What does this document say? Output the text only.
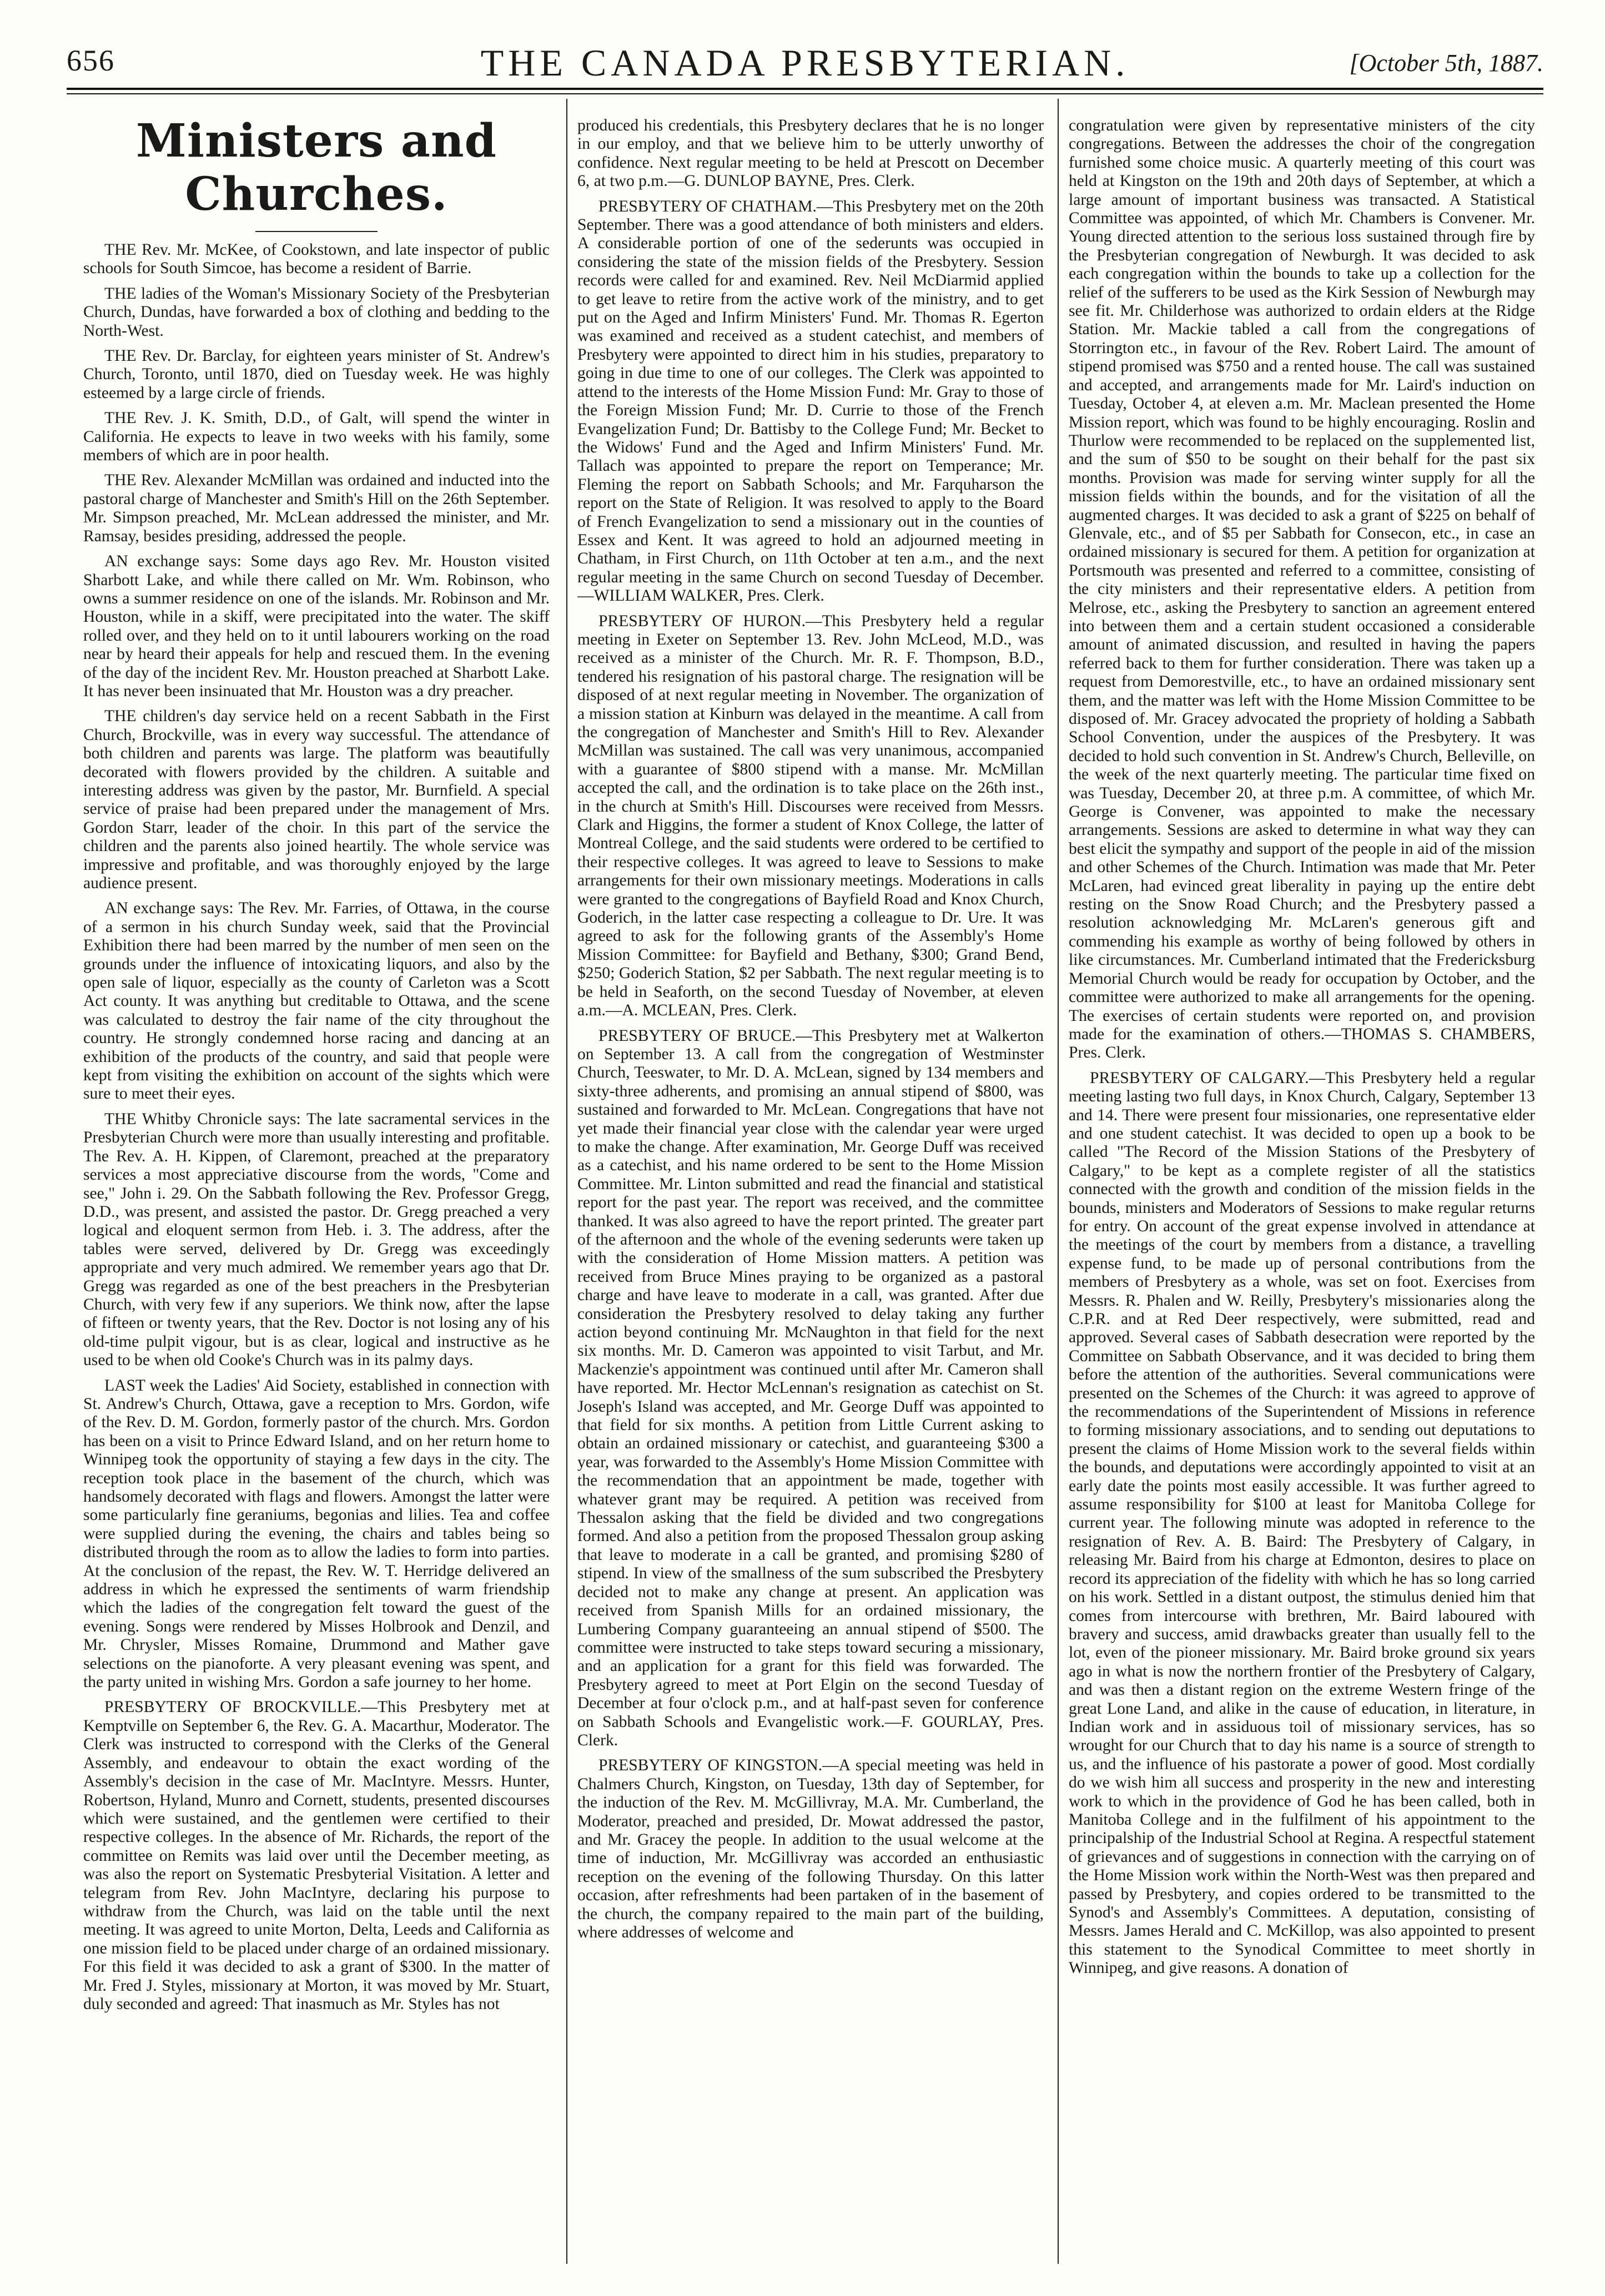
656	THE CANADA PRESBYTERIAN.	[October 5th, 1887.
Ministers and Churches.

THE Rev. Mr. McKee, of Cookstown, and late inspector of public schools for South Simcoe, has become a resident of Barrie.

THE ladies of the Woman's Missionary Society of the Presbyterian Church, Dundas, have forwarded a box of clothing and bedding to the North-West.

THE Rev. Dr. Barclay, for eighteen years minister of St. Andrew's Church, Toronto, until 1870, died on Tuesday week. He was highly esteemed by a large circle of friends.

THE Rev. J. K. Smith, D.D., of Galt, will spend the winter in California. He expects to leave in two weeks with his family, some members of which are in poor health.

THE Rev. Alexander McMillan was ordained and inducted into the pastoral charge of Manchester and Smith's Hill on the 26th September. Mr. Simpson preached, Mr. McLean addressed the minister, and Mr. Ramsay, besides presiding, addressed the people.

AN exchange says: Some days ago Rev. Mr. Houston visited Sharbott Lake, and while there called on Mr. Wm. Robinson, who owns a summer residence on one of the islands. Mr. Robinson and Mr. Houston, while in a skiff, were precipitated into the water. The skiff rolled over, and they held on to it until labourers working on the road near by heard their appeals for help and rescued them. In the evening of the day of the incident Rev. Mr. Houston preached at Sharbott Lake. It has never been insinuated that Mr. Houston was a dry preacher.

THE children's day service held on a recent Sabbath in the First Church, Brockville, was in every way successful. The attendance of both children and parents was large. The platform was beautifully decorated with flowers provided by the children. A suitable and interesting address was given by the pastor, Mr. Burnfield. A special service of praise had been prepared under the management of Mrs. Gordon Starr, leader of the choir. In this part of the service the children and the parents also joined heartily. The whole service was impressive and profitable, and was thoroughly enjoyed by the large audience present.

AN exchange says: The Rev. Mr. Farries, of Ottawa, in the course of a sermon in his church Sunday week, said that the Provincial Exhibition there had been marred by the number of men seen on the grounds under the influence of intoxicating liquors, and also by the open sale of liquor, especially as the county of Carleton was a Scott Act county. It was anything but creditable to Ottawa, and the scene was calculated to destroy the fair name of the city throughout the country. He strongly condemned horse racing and dancing at an exhibition of the products of the country, and said that people were kept from visiting the exhibition on account of the sights which were sure to meet their eyes.

THE Whitby Chronicle says: The late sacramental services in the Presbyterian Church were more than usually interesting and profitable. The Rev. A. H. Kippen, of Claremont, preached at the preparatory services a most appreciative discourse from the words, "Come and see," John i. 29. On the Sabbath following the Rev. Professor Gregg, D.D., was present, and assisted the pastor. Dr. Gregg preached a very logical and eloquent sermon from Heb. i. 3. The address, after the tables were served, delivered by Dr. Gregg was exceedingly appropriate and very much admired. We remember years ago that Dr. Gregg was regarded as one of the best preachers in the Presbyterian Church, with very few if any superiors. We think now, after the lapse of fifteen or twenty years, that the Rev. Doctor is not losing any of his old-time pulpit vigour, but is as clear, logical and instructive as he used to be when old Cooke's Church was in its palmy days.

LAST week the Ladies' Aid Society, established in connection with St. Andrew's Church, Ottawa, gave a reception to Mrs. Gordon, wife of the Rev. D. M. Gordon, formerly pastor of the church. Mrs. Gordon has been on a visit to Prince Edward Island, and on her return home to Winnipeg took the opportunity of staying a few days in the city. The reception took place in the basement of the church, which was handsomely decorated with flags and flowers. Amongst the latter were some particularly fine geraniums, begonias and lilies. Tea and coffee were supplied during the evening, the chairs and tables being so distributed through the room as to allow the ladies to form into parties. At the conclusion of the repast, the Rev. W. T. Herridge delivered an address in which he expressed the sentiments of warm friendship which the ladies of the congregation felt toward the guest of the evening. Songs were rendered by Misses Holbrook and Denzil, and Mr. Chrysler, Misses Romaine, Drummond and Mather gave selections on the pianoforte. A very pleasant evening was spent, and the party united in wishing Mrs. Gordon a safe journey to her home.

PRESBYTERY OF BROCKVILLE.—This Presbytery met at Kemptville on September 6, the Rev. G. A. Macarthur, Moderator. The Clerk was instructed to correspond with the Clerks of the General Assembly, and endeavour to obtain the exact wording of the Assembly's decision in the case of Mr. MacIntyre. Messrs. Hunter, Robertson, Hyland, Munro and Cornett, students, presented discourses which were sustained, and the gentlemen were certified to their respective colleges. In the absence of Mr. Richards, the report of the committee on Remits was laid over until the December meeting, as was also the report on Systematic Presbyterial Visitation. A letter and telegram from Rev. John MacIntyre, declaring his purpose to withdraw from the Church, was laid on the table until the next meeting. It was agreed to unite Morton, Delta, Leeds and California as one mission field to be placed under charge of an ordained missionary. For this field it was decided to ask a grant of $300. In the matter of Mr. Fred J. Styles, missionary at Morton, it was moved by Mr. Stuart, duly seconded and agreed: That inasmuch as Mr. Styles has not

produced his credentials, this Presbytery declares that he is no longer in our employ, and that we believe him to be utterly unworthy of confidence. Next regular meeting to be held at Prescott on December 6, at two p.m.—G. DUNLOP BAYNE, Pres. Clerk.

PRESBYTERY OF CHATHAM.—This Presbytery met on the 20th September. There was a good attendance of both ministers and elders. A considerable portion of one of the sederunts was occupied in considering the state of the mission fields of the Presbytery. Session records were called for and examined. Rev. Neil McDiarmid applied to get leave to retire from the active work of the ministry, and to get put on the Aged and Infirm Ministers' Fund. Mr. Thomas R. Egerton was examined and received as a student catechist, and members of Presbytery were appointed to direct him in his studies, preparatory to going in due time to one of our colleges. The Clerk was appointed to attend to the interests of the Home Mission Fund: Mr. Gray to those of the Foreign Mission Fund; Mr. D. Currie to those of the French Evangelization Fund; Dr. Battisby to the College Fund; Mr. Becket to the Widows' Fund and the Aged and Infirm Ministers' Fund. Mr. Tallach was appointed to prepare the report on Temperance; Mr. Fleming the report on Sabbath Schools; and Mr. Farquharson the report on the State of Religion. It was resolved to apply to the Board of French Evangelization to send a missionary out in the counties of Essex and Kent. It was agreed to hold an adjourned meeting in Chatham, in First Church, on 11th October at ten a.m., and the next regular meeting in the same Church on second Tuesday of December.—WILLIAM WALKER, Pres. Clerk.

PRESBYTERY OF HURON.—This Presbytery held a regular meeting in Exeter on September 13. Rev. John McLeod, M.D., was received as a minister of the Church. Mr. R. F. Thompson, B.D., tendered his resignation of his pastoral charge. The resignation will be disposed of at next regular meeting in November. The organization of a mission station at Kinburn was delayed in the meantime. A call from the congregation of Manchester and Smith's Hill to Rev. Alexander McMillan was sustained. The call was very unanimous, accompanied with a guarantee of $800 stipend with a manse. Mr. McMillan accepted the call, and the ordination is to take place on the 26th inst., in the church at Smith's Hill. Discourses were received from Messrs. Clark and Higgins, the former a student of Knox College, the latter of Montreal College, and the said students were ordered to be certified to their respective colleges. It was agreed to leave to Sessions to make arrangements for their own missionary meetings. Moderations in calls were granted to the congregations of Bayfield Road and Knox Church, Goderich, in the latter case respecting a colleague to Dr. Ure. It was agreed to ask for the following grants of the Assembly's Home Mission Committee: for Bayfield and Bethany, $300; Grand Bend, $250; Goderich Station, $2 per Sabbath. The next regular meeting is to be held in Seaforth, on the second Tuesday of November, at eleven a.m.—A. MCLEAN, Pres. Clerk.

PRESBYTERY OF BRUCE.—This Presbytery met at Walkerton on September 13. A call from the congregation of Westminster Church, Teeswater, to Mr. D. A. McLean, signed by 134 members and sixty-three adherents, and promising an annual stipend of $800, was sustained and forwarded to Mr. McLean. Congregations that have not yet made their financial year close with the calendar year were urged to make the change. After examination, Mr. George Duff was received as a catechist, and his name ordered to be sent to the Home Mission Committee. Mr. Linton submitted and read the financial and statistical report for the past year. The report was received, and the committee thanked. It was also agreed to have the report printed. The greater part of the afternoon and the whole of the evening sederunts were taken up with the consideration of Home Mission matters. A petition was received from Bruce Mines praying to be organized as a pastoral charge and have leave to moderate in a call, was granted. After due consideration the Presbytery resolved to delay taking any further action beyond continuing Mr. McNaughton in that field for the next six months. Mr. D. Cameron was appointed to visit Tarbut, and Mr. Mackenzie's appointment was continued until after Mr. Cameron shall have reported. Mr. Hector McLennan's resignation as catechist on St. Joseph's Island was accepted, and Mr. George Duff was appointed to that field for six months. A petition from Little Current asking to obtain an ordained missionary or catechist, and guaranteeing $300 a year, was forwarded to the Assembly's Home Mission Committee with the recommendation that an appointment be made, together with whatever grant may be required. A petition was received from Thessalon asking that the field be divided and two congregations formed. And also a petition from the proposed Thessalon group asking that leave to moderate in a call be granted, and promising $280 of stipend. In view of the smallness of the sum subscribed the Presbytery decided not to make any change at present. An application was received from Spanish Mills for an ordained missionary, the Lumbering Company guaranteeing an annual stipend of $500. The committee were instructed to take steps toward securing a missionary, and an application for a grant for this field was forwarded. The Presbytery agreed to meet at Port Elgin on the second Tuesday of December at four o'clock p.m., and at half-past seven for conference on Sabbath Schools and Evangelistic work.—F. GOURLAY, Pres. Clerk.

PRESBYTERY OF KINGSTON.—A special meeting was held in Chalmers Church, Kingston, on Tuesday, 13th day of September, for the induction of the Rev. M. McGillivray, M.A. Mr. Cumberland, the Moderator, preached and presided, Dr. Mowat addressed the pastor, and Mr. Gracey the people. In addition to the usual welcome at the time of induction, Mr. McGillivray was accorded an enthusiastic reception on the evening of the following Thursday. On this latter occasion, after refreshments had been partaken of in the basement of the church, the company repaired to the main part of the building, where addresses of welcome and

congratulation were given by representative ministers of the city congregations. Between the addresses the choir of the congregation furnished some choice music. A quarterly meeting of this court was held at Kingston on the 19th and 20th days of September, at which a large amount of important business was transacted. A Statistical Committee was appointed, of which Mr. Chambers is Convener. Mr. Young directed attention to the serious loss sustained through fire by the Presbyterian congregation of Newburgh. It was decided to ask each congregation within the bounds to take up a collection for the relief of the sufferers to be used as the Kirk Session of Newburgh may see fit. Mr. Childerhose was authorized to ordain elders at the Ridge Station. Mr. Mackie tabled a call from the congregations of Storrington etc., in favour of the Rev. Robert Laird. The amount of stipend promised was $750 and a rented house. The call was sustained and accepted, and arrangements made for Mr. Laird's induction on Tuesday, October 4, at eleven a.m. Mr. Maclean presented the Home Mission report, which was found to be highly encouraging. Roslin and Thurlow were recommended to be replaced on the supplemented list, and the sum of $50 to be sought on their behalf for the past six months. Provision was made for serving winter supply for all the mission fields within the bounds, and for the visitation of all the augmented charges. It was decided to ask a grant of $225 on behalf of Glenvale, etc., and of $5 per Sabbath for Consecon, etc., in case an ordained missionary is secured for them. A petition for organization at Portsmouth was presented and referred to a committee, consisting of the city ministers and their representative elders. A petition from Melrose, etc., asking the Presbytery to sanction an agreement entered into between them and a certain student occasioned a considerable amount of animated discussion, and resulted in having the papers referred back to them for further consideration. There was taken up a request from Demorestville, etc., to have an ordained missionary sent them, and the matter was left with the Home Mission Committee to be disposed of. Mr. Gracey advocated the propriety of holding a Sabbath School Convention, under the auspices of the Presbytery. It was decided to hold such convention in St. Andrew's Church, Belleville, on the week of the next quarterly meeting. The particular time fixed on was Tuesday, December 20, at three p.m. A committee, of which Mr. George is Convener, was appointed to make the necessary arrangements. Sessions are asked to determine in what way they can best elicit the sympathy and support of the people in aid of the mission and other Schemes of the Church. Intimation was made that Mr. Peter McLaren, had evinced great liberality in paying up the entire debt resting on the Snow Road Church; and the Presbytery passed a resolution acknowledging Mr. McLaren's generous gift and commending his example as worthy of being followed by others in like circumstances. Mr. Cumberland intimated that the Fredericksburg Memorial Church would be ready for occupation by October, and the committee were authorized to make all arrangements for the opening. The exercises of certain students were reported on, and provision made for the examination of others.—THOMAS S. CHAMBERS, Pres. Clerk.

PRESBYTERY OF CALGARY.—This Presbytery held a regular meeting lasting two full days, in Knox Church, Calgary, September 13 and 14. There were present four missionaries, one representative elder and one student catechist. It was decided to open up a book to be called "The Record of the Mission Stations of the Presbytery of Calgary," to be kept as a complete register of all the statistics connected with the growth and condition of the mission fields in the bounds, ministers and Moderators of Sessions to make regular returns for entry. On account of the great expense involved in attendance at the meetings of the court by members from a distance, a travelling expense fund, to be made up of personal contributions from the members of Presbytery as a whole, was set on foot. Exercises from Messrs. R. Phalen and W. Reilly, Presbytery's missionaries along the C.P.R. and at Red Deer respectively, were submitted, read and approved. Several cases of Sabbath desecration were reported by the Committee on Sabbath Observance, and it was decided to bring them before the attention of the authorities. Several communications were presented on the Schemes of the Church: it was agreed to approve of the recommendations of the Superintendent of Missions in reference to forming missionary associations, and to sending out deputations to present the claims of Home Mission work to the several fields within the bounds, and deputations were accordingly appointed to visit at an early date the points most easily accessible. It was further agreed to assume responsibility for $100 at least for Manitoba College for current year. The following minute was adopted in reference to the resignation of Rev. A. B. Baird: The Presbytery of Calgary, in releasing Mr. Baird from his charge at Edmonton, desires to place on record its appreciation of the fidelity with which he has so long carried on his work. Settled in a distant outpost, the stimulus denied him that comes from intercourse with brethren, Mr. Baird laboured with bravery and success, amid drawbacks greater than usually fell to the lot, even of the pioneer missionary. Mr. Baird broke ground six years ago in what is now the northern frontier of the Presbytery of Calgary, and was then a distant region on the extreme Western fringe of the great Lone Land, and alike in the cause of education, in literature, in Indian work and in assiduous toil of missionary services, has so wrought for our Church that to day his name is a source of strength to us, and the influence of his pastorate a power of good. Most cordially do we wish him all success and prosperity in the new and interesting work to which in the providence of God he has been called, both in Manitoba College and in the fulfilment of his appointment to the principalship of the Industrial School at Regina. A respectful statement of grievances and of suggestions in connection with the carrying on of the Home Mission work within the North-West was then prepared and passed by Presbytery, and copies ordered to be transmitted to the Synod's and Assembly's Committees. A deputation, consisting of Messrs. James Herald and C. McKillop, was also appointed to present this statement to the Synodical Committee to meet shortly in Winnipeg, and give reasons. A donation of
